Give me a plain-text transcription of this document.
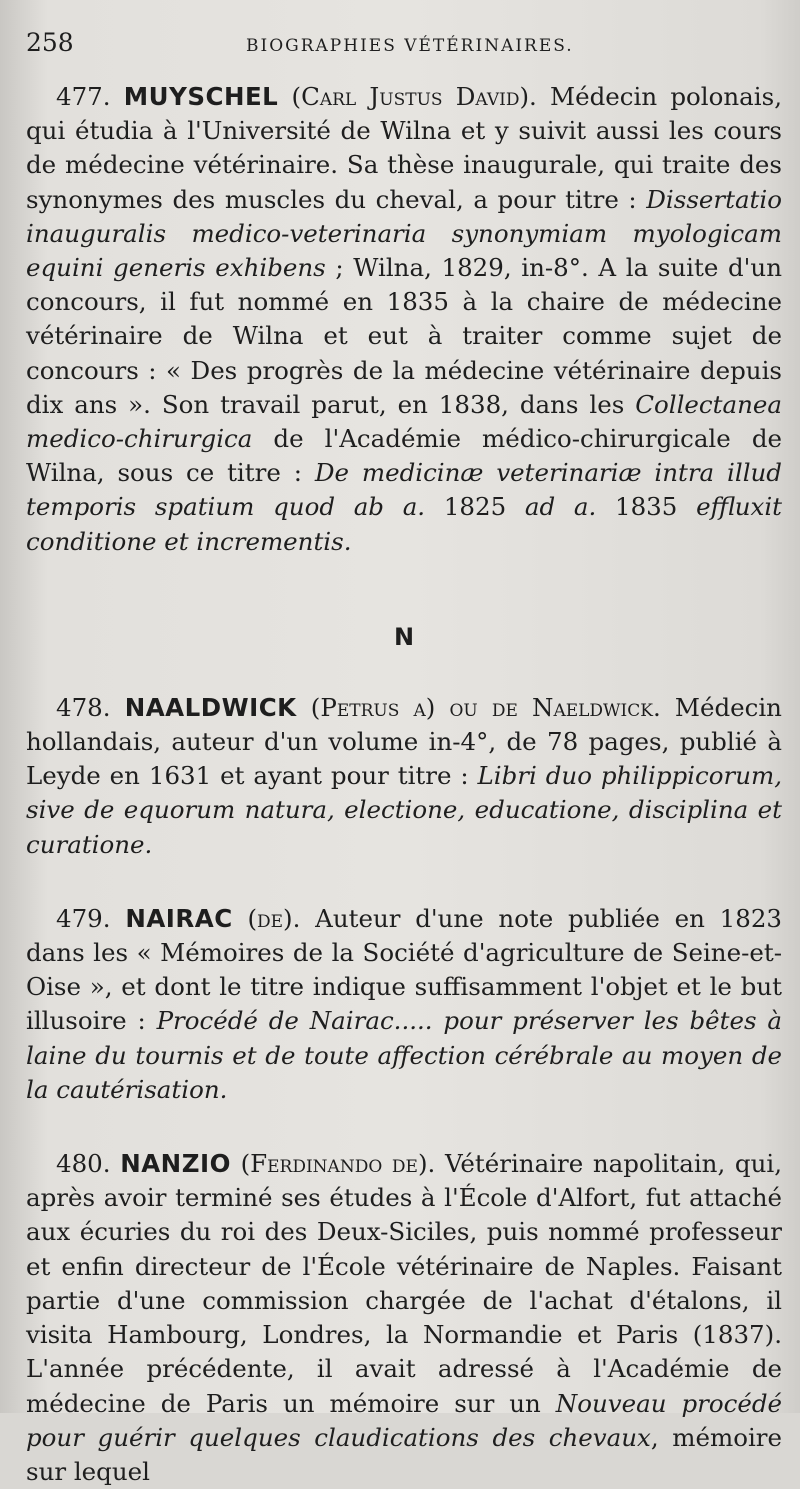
258	BIOGRAPHIES VÉTÉRINAIRES.

477. MUYSCHEL (Carl Justus David). Médecin polonais, qui étudia à l'Université de Wilna et y suivit aussi les cours de médecine vétérinaire. Sa thèse inaugurale, qui traite des synonymes des muscles du cheval, a pour titre : Dissertatio inauguralis medico-veterinaria synonymiam myologicam equini generis exhibens ; Wilna, 1829, in-8°. A la suite d'un concours, il fut nommé en 1835 à la chaire de médecine vétérinaire de Wilna et eut à traiter comme sujet de concours : « Des progrès de la médecine vétérinaire depuis dix ans ». Son travail parut, en 1838, dans les Collectanea medico-chirurgica de l'Académie médico-chirurgicale de Wilna, sous ce titre : De medicinæ veterinariæ intra illud temporis spatium quod ab a. 1825 ad a. 1835 effluxit conditione et incrementis.

N

478. NAALDWICK (Petrus a) ou de Naeldwick. Médecin hollandais, auteur d'un volume in-4°, de 78 pages, publié à Leyde en 1631 et ayant pour titre : Libri duo philippicorum, sive de equorum natura, electione, educatione, disciplina et curatione.

479. NAIRAC (de). Auteur d'une note publiée en 1823 dans les « Mémoires de la Société d'agriculture de Seine-et-Oise », et dont le titre indique suffisamment l'objet et le but illusoire : Procédé de Nairac..... pour préserver les bêtes à laine du tournis et de toute affection cérébrale au moyen de la cautérisation.

480. NANZIO (Ferdinando de). Vétérinaire napolitain, qui, après avoir terminé ses études à l'École d'Alfort, fut attaché aux écuries du roi des Deux-Siciles, puis nommé professeur et enfin directeur de l'École vétérinaire de Naples. Faisant partie d'une commission chargée de l'achat d'étalons, il visita Hambourg, Londres, la Normandie et Paris (1837). L'année précédente, il avait adressé à l'Académie de médecine de Paris un mémoire sur un Nouveau procédé pour guérir quelques claudications des chevaux, mémoire sur lequel
